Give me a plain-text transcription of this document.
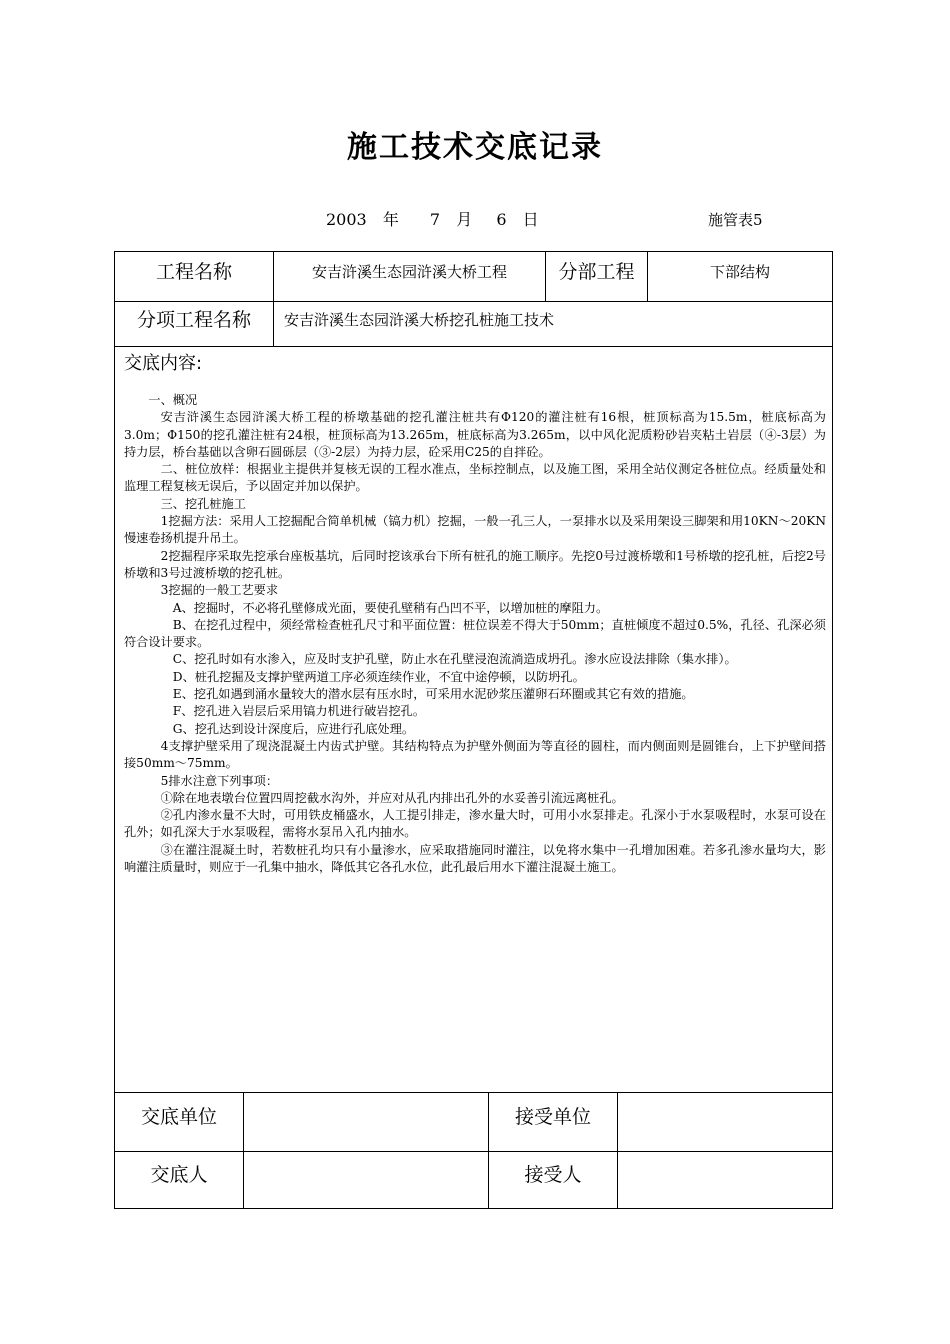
施工技术交底记录
2003 年 7 月 6 日	施管表5
工程名称	安吉浒溪生态园浒溪大桥工程	分部工程	下部结构
分项工程名称	安吉浒溪生态园浒溪大桥挖孔桩施工技术
交底内容:

一、概况

安吉浒溪生态园浒溪大桥工程的桥墩基础的挖孔灌注桩共有Φ120的灌注桩有16根，桩顶标高为15.5m，桩底标高为3.0m；Φ150的挖孔灌注桩有24根，桩顶标高为13.265m，桩底标高为3.265m，以中风化泥质粉砂岩夹粘土岩层（④-3层）为持力层，桥台基础以含卵石圆砾层（③-2层）为持力层，砼采用C25的自拌砼。

二、桩位放样：根据业主提供并复核无误的工程水准点，坐标控制点，以及施工图，采用全站仪测定各桩位点。经质量处和监理工程复核无误后，予以固定并加以保护。

三、挖孔桩施工

1挖掘方法：采用人工挖掘配合简单机械（镐力机）挖掘，一般一孔三人，一泵排水以及采用架设三脚架和用10KN～20KN慢速卷扬机提升吊土。

2挖掘程序采取先挖承台座板基坑，后同时挖该承台下所有桩孔的施工顺序。先挖0号过渡桥墩和1号桥墩的挖孔桩，后挖2号桥墩和3号过渡桥墩的挖孔桩。

3挖掘的一般工艺要求

A、挖掘时，不必将孔壁修成光面，要使孔壁稍有凸凹不平，以增加桩的摩阻力。

B、在挖孔过程中，须经常检查桩孔尺寸和平面位置：桩位误差不得大于50mm；直桩倾度不超过0.5%，孔径、孔深必须符合设计要求。

C、挖孔时如有水渗入，应及时支护孔壁，防止水在孔壁浸泡流淌造成坍孔。渗水应设法排除（集水排）。

D、桩孔挖掘及支撑护壁两道工序必须连续作业，不宜中途停顿，以防坍孔。

E、挖孔如遇到涌水量较大的潜水层有压水时，可采用水泥砂浆压灌卵石环圈或其它有效的措施。

F、挖孔进入岩层后采用镐力机进行破岩挖孔。

G、挖孔达到设计深度后，应进行孔底处理。

4支撑护壁采用了现浇混凝土内齿式护壁。其结构特点为护壁外侧面为等直径的圆柱，而内侧面则是圆锥台，上下护壁间搭接50mm～75mm。

5排水注意下列事项：

①除在地表墩台位置四周挖截水沟外，并应对从孔内排出孔外的水妥善引流远离桩孔。

②孔内渗水量不大时，可用铁皮桶盛水，人工提引排走，渗水量大时，可用小水泵排走。孔深小于水泵吸程时，水泵可设在孔外；如孔深大于水泵吸程，需将水泵吊入孔内抽水。

③在灌注混凝土时，若数桩孔均只有小量渗水，应采取措施同时灌注，以免将水集中一孔增加困难。若多孔渗水量均大，影响灌注质量时，则应于一孔集中抽水，降低其它各孔水位，此孔最后用水下灌注混凝土施工。

交底单位	接受单位
交底人	接受人
